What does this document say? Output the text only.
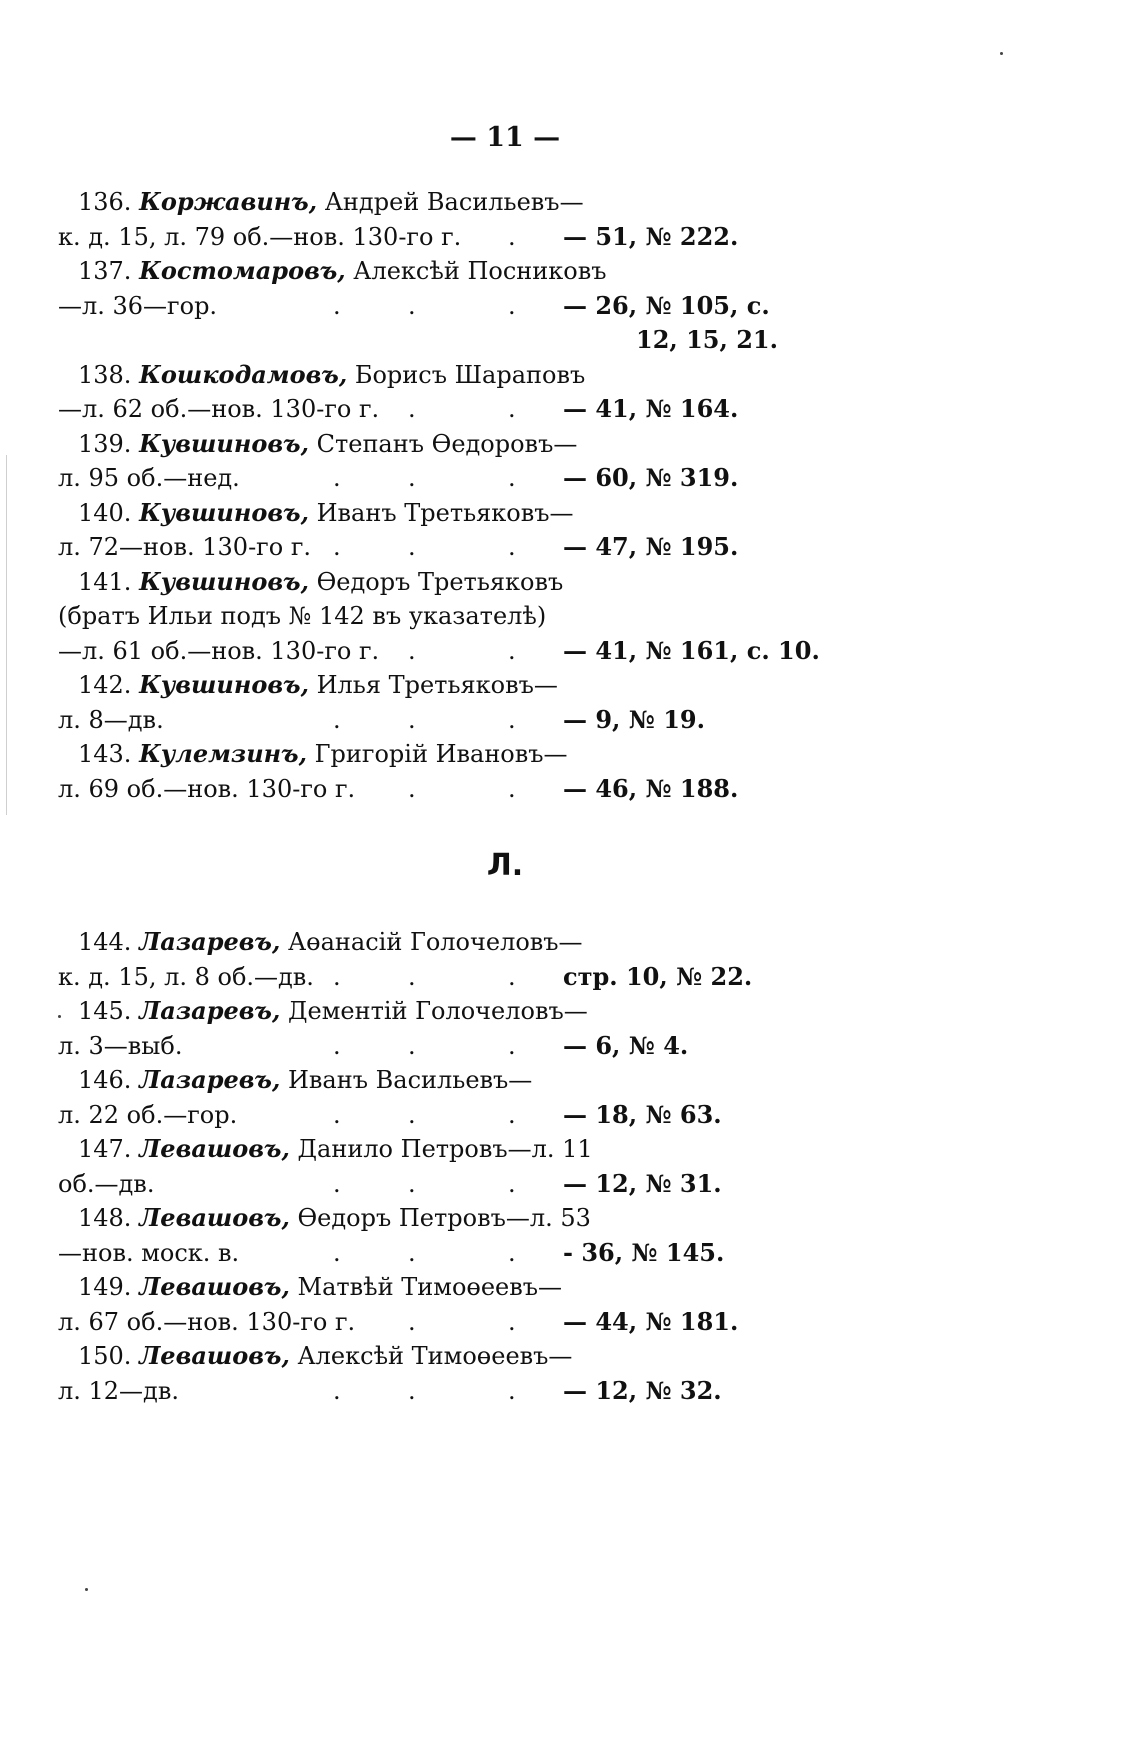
— 11 —
136. Коржавинъ, Андрей Васильевъ—
к. д. 15, л. 79 об.—нов. 130-го г. . — 51, № 222.
137. Костомаровъ, Алексѣй Посниковъ
—л. 36—гор.	.	.	. — 26, № 105, с.
12, 15, 21.
138. Кошкодамовъ, Борисъ Шараповъ
—л. 62 об.—нов. 130-го г. .	. — 41, № 164.
139. Кувшиновъ, Степанъ Өедоровъ—
л. 95 об.—нед.	.	.	. — 60, № 319.
140. Кувшиновъ, Иванъ Третьяковъ—
л. 72—нов. 130-го г. .	.	. — 47, № 195.
141. Кувшиновъ, Өедоръ Третьяковъ
(братъ Ильи подъ № 142 въ указателѣ)
—л. 61 об.—нов. 130-го г. .	. — 41, № 161, с. 10.
142. Кувшиновъ, Илья Третьяковъ—
л. 8—дв.	.	.	. — 9, № 19.
143. Кулемзинъ, Григорій Ивановъ—
л. 69 об.—нов. 130-го г. .	. — 46, № 188.
Л.
144. Лазаревъ, Аөанасій Голочеловъ—
к. д. 15, л. 8 об.—дв. .	.	. стр. 10, № 22.
145. Лазаревъ, Дементій Голочеловъ—
л. 3—выб.	.	.	. — 6, № 4.
146. Лазаревъ, Иванъ Васильевъ—
л. 22 об.—гор.	.	.	. — 18, № 63.
147. Левашовъ, Данило Петровъ—л. 11
об.—дв.	.	.	. — 12, № 31.
148. Левашовъ, Өедоръ Петровъ—л. 53
—нов. моск. в.	.	.	. - 36, № 145.
149. Левашовъ, Матвѣй Тимоөеевъ—
л. 67 об.—нов. 130-го г. .	. — 44, № 181.
150. Левашовъ, Алексѣй Тимоөеевъ—
л. 12—дв.	.	.	. — 12, № 32.
